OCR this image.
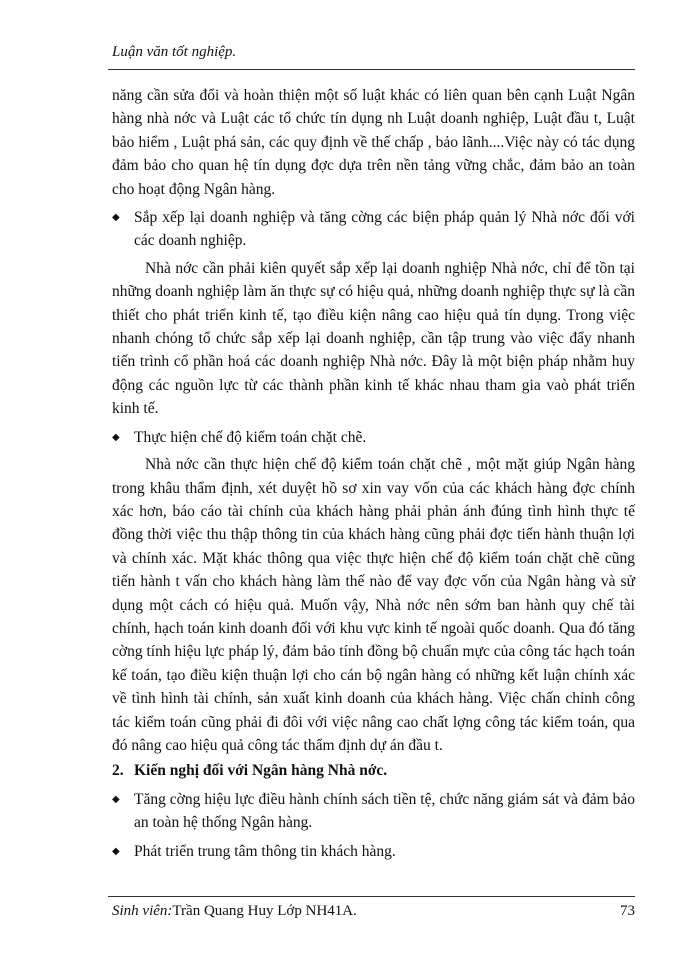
Luận văn tốt nghiệp.

năng cần sửa đổi và hoàn thiện một số luật khác có liên quan bên cạnh Luật Ngân hàng nhà nớc và Luật các tổ chức tín dụng nh Luật doanh nghiệp, Luật đầu t, Luật bảo hiểm , Luật phá sản, các quy định về thế chấp , bảo lãnh....Việc này có tác dụng đảm bảo cho quan hệ tín dụng đợc dựa trên nền tảng vững chắc, đảm bảo an toàn cho hoạt động Ngân hàng.

◆ Sắp xếp lại doanh nghiệp và tăng cờng các biện pháp quản lý Nhà nớc đối với các doanh nghiệp.

Nhà nớc cần phải kiên quyết sắp xếp lại doanh nghiệp Nhà nớc, chỉ để tồn tại những doanh nghiệp làm ăn thực sự có hiệu quả, những doanh nghiệp thực sự là cần thiết cho phát triển kinh tế, tạo điều kiện nâng cao hiệu quả tín dụng. Trong việc nhanh chóng tổ chức sắp xếp lại doanh nghiệp, cần tập trung vào việc đẩy nhanh tiến trình cổ phần hoá các doanh nghiệp Nhà nớc. Đây là một biện pháp nhằm huy động các nguồn lực từ các thành phần kinh tế khác nhau tham gia vaò phát triển kinh tế.

◆ Thực hiện chế độ kiểm toán chặt chẽ.

Nhà nớc cần thực hiện chế độ kiểm toán chặt chẽ , một mặt giúp Ngân hàng trong khâu thẩm định, xét duyệt hồ sơ xin vay vốn của các khách hàng đợc chính xác hơn, báo cáo tài chính của khách hàng phải phản ánh đúng tình hình thực tế đồng thời việc thu thập thông tin của khách hàng cũng phải đợc tiến hành thuận lợi và chính xác. Mặt khác thông qua việc thực hiện chế độ kiểm toán chặt chẽ cũng tiến hành t vấn cho khách hàng làm thế nào để vay đợc vốn của Ngân hàng và sử dụng một cách có hiệu quả. Muốn vậy, Nhà nớc nên sớm ban hành quy chế tài chính, hạch toán kinh doanh đối với khu vực kinh tế ngoài quốc doanh. Qua đó tăng cờng tính hiệu lực pháp lý, đảm bảo tính đồng bộ chuẩn mực của công tác hạch toán kế toán, tạo điều kiện thuận lợi cho cán bộ ngân hàng có những kết luận chính xác về tình hình tài chính, sản xuất kinh doanh của khách hàng. Việc chấn chỉnh công tác kiểm toán cũng phải đi đôi với việc nâng cao chất lợng công tác kiểm toán, qua đó nâng cao hiệu quả công tác thẩm định dự án đầu t.

2. Kiến nghị đối với Ngân hàng Nhà nớc.
◆ Tăng cờng hiệu lực điều hành chính sách tiền tệ, chức năng giám sát và đảm bảo an toàn hệ thống Ngân hàng.
◆ Phát triển trung tâm thông tin khách hàng.
Sinh viên:Trần Quang Huy Lớp NH41A.	73
